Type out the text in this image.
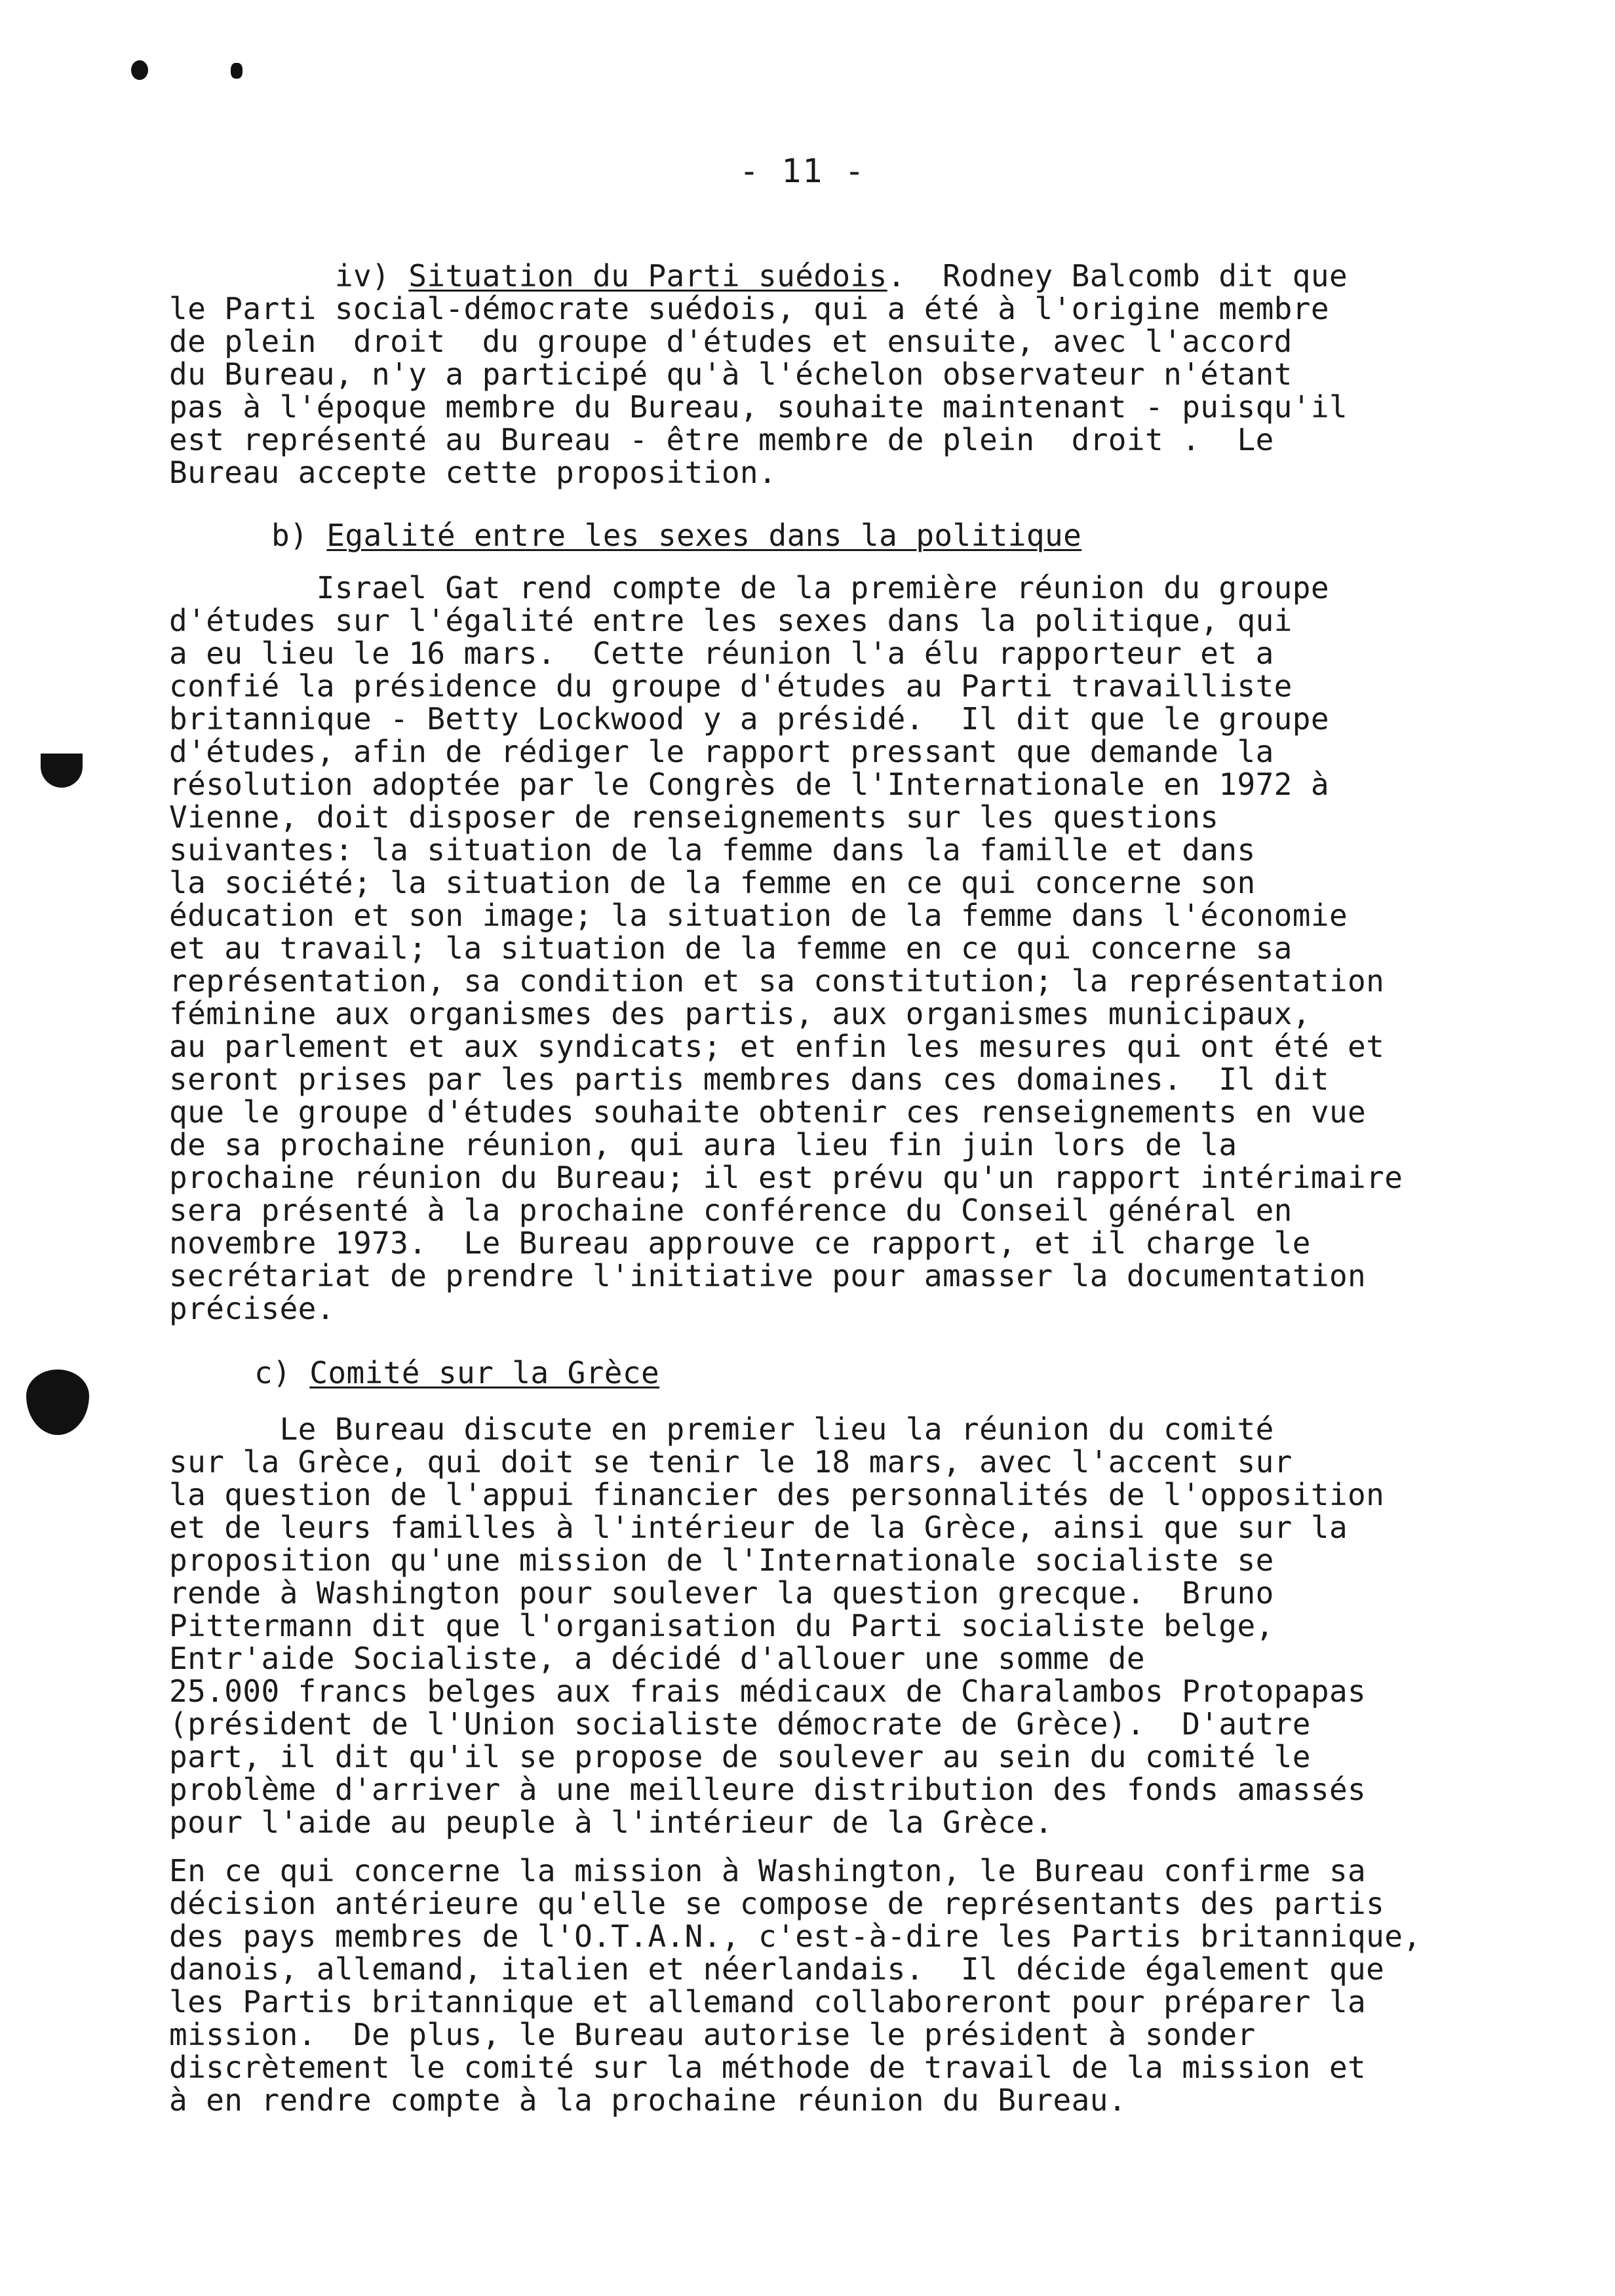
- 11 -
iv) Situation du Parti suédois.  Rodney Balcomb dit que
le Parti social-démocrate suédois, qui a été à l'origine membre
de plein  droit  du groupe d'études et ensuite, avec l'accord
du Bureau, n'y a participé qu'à l'échelon observateur n'étant
pas à l'époque membre du Bureau, souhaite maintenant - puisqu'il
est représenté au Bureau - être membre de plein  droit .  Le
Bureau accepte cette proposition.
b) Egalité entre les sexes dans la politique
Israel Gat rend compte de la première réunion du groupe
d'études sur l'égalité entre les sexes dans la politique, qui
a eu lieu le 16 mars.  Cette réunion l'a élu rapporteur et a
confié la présidence du groupe d'études au Parti travailliste
britannique - Betty Lockwood y a présidé.  Il dit que le groupe
d'études, afin de rédiger le rapport pressant que demande la
résolution adoptée par le Congrès de l'Internationale en 1972 à
Vienne, doit disposer de renseignements sur les questions
suivantes: la situation de la femme dans la famille et dans
la société; la situation de la femme en ce qui concerne son
éducation et son image; la situation de la femme dans l'économie
et au travail; la situation de la femme en ce qui concerne sa
représentation, sa condition et sa constitution; la représentation
féminine aux organismes des partis, aux organismes municipaux,
au parlement et aux syndicats; et enfin les mesures qui ont été et
seront prises par les partis membres dans ces domaines.  Il dit
que le groupe d'études souhaite obtenir ces renseignements en vue
de sa prochaine réunion, qui aura lieu fin juin lors de la
prochaine réunion du Bureau; il est prévu qu'un rapport intérimaire
sera présenté à la prochaine conférence du Conseil général en
novembre 1973.  Le Bureau approuve ce rapport, et il charge le
secrétariat de prendre l'initiative pour amasser la documentation
précisée.
c) Comité sur la Grèce
Le Bureau discute en premier lieu la réunion du comité
sur la Grèce, qui doit se tenir le 18 mars, avec l'accent sur
la question de l'appui financier des personnalités de l'opposition
et de leurs familles à l'intérieur de la Grèce, ainsi que sur la
proposition qu'une mission de l'Internationale socialiste se
rende à Washington pour soulever la question grecque.  Bruno
Pittermann dit que l'organisation du Parti socialiste belge,
Entr'aide Socialiste, a décidé d'allouer une somme de
25.000 francs belges aux frais médicaux de Charalambos Protopapas
(président de l'Union socialiste démocrate de Grèce).  D'autre
part, il dit qu'il se propose de soulever au sein du comité le
problème d'arriver à une meilleure distribution des fonds amassés
pour l'aide au peuple à l'intérieur de la Grèce.
En ce qui concerne la mission à Washington, le Bureau confirme sa
décision antérieure qu'elle se compose de représentants des partis
des pays membres de l'O.T.A.N., c'est-à-dire les Partis britannique,
danois, allemand, italien et néerlandais.  Il décide également que
les Partis britannique et allemand collaboreront pour préparer la
mission.  De plus, le Bureau autorise le président à sonder
discrètement le comité sur la méthode de travail de la mission et
à en rendre compte à la prochaine réunion du Bureau.
